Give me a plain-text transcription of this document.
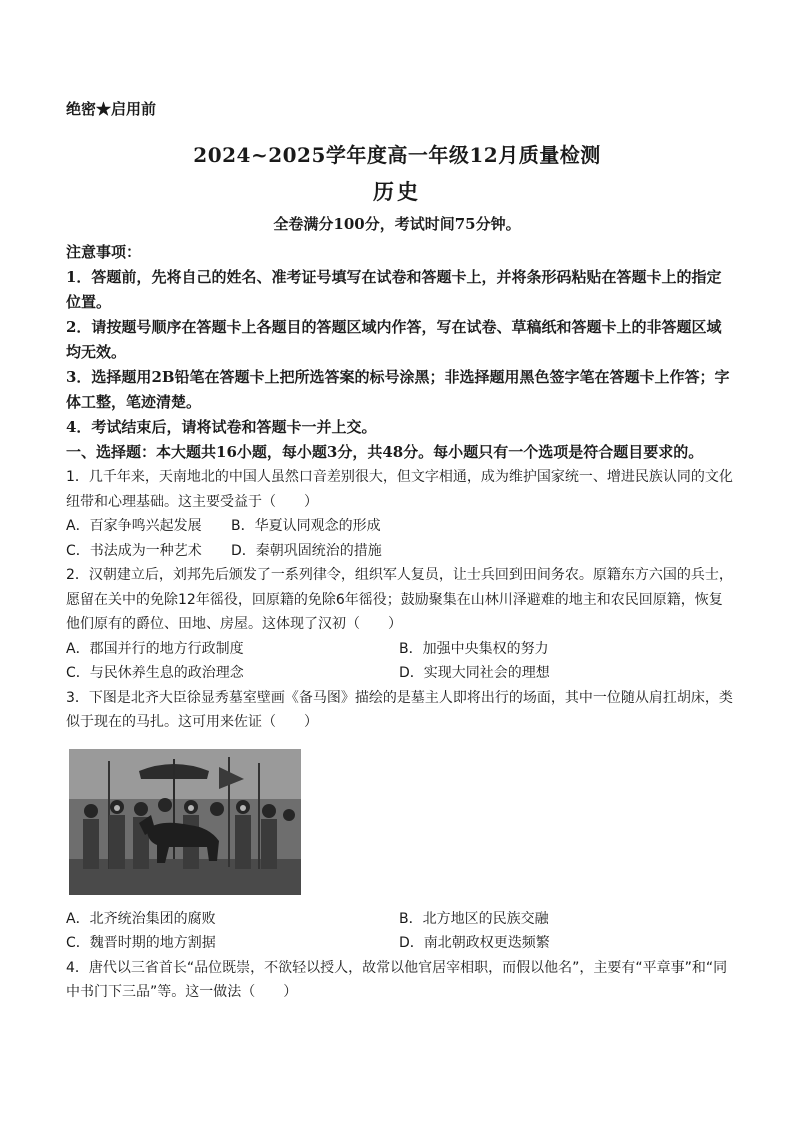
绝密★启用前
2024~2025学年度高一年级12月质量检测
历史
全卷满分100分，考试时间75分钟。

注意事项：

1．答题前，先将自己的姓名、准考证号填写在试卷和答题卡上，并将条形码粘贴在答题卡上的指定位置。

2．请按题号顺序在答题卡上各题目的答题区域内作答，写在试卷、草稿纸和答题卡上的非答题区域均无效。

3．选择题用2B铅笔在答题卡上把所选答案的标号涂黑；非选择题用黑色签字笔在答题卡上作答；字体工整，笔迹清楚。

4．考试结束后，请将试卷和答题卡一并上交。

一、选择题：本大题共16小题，每小题3分，共48分。每小题只有一个选项是符合题目要求的。

1．几千年来，天南地北的中国人虽然口音差别很大，但文字相通，成为维护国家统一、增进民族认同的文化纽带和心理基础。这主要受益于（　　）

A．百家争鸣兴起发展	B．华夏认同观念的形成
C．书法成为一种艺术	D．秦朝巩固统治的措施

2．汉朝建立后，刘邦先后颁发了一系列律令，组织军人复员，让士兵回到田间务农。原籍东方六国的兵士，愿留在关中的免除12年徭役，回原籍的免除6年徭役；鼓励聚集在山林川泽避难的地主和农民回原籍，恢复他们原有的爵位、田地、房屋。这体现了汉初（　　）

A．郡国并行的地方行政制度	B．加强中央集权的努力
C．与民休养生息的政治理念	D．实现大同社会的理想

3．下图是北齐大臣徐显秀墓室壁画《备马图》描绘的是墓主人即将出行的场面，其中一位随从肩扛胡床，类似于现在的马扎。这可用来佐证（　　）

A．北齐统治集团的腐败	B．北方地区的民族交融
C．魏晋时期的地方割据	D．南北朝政权更迭频繁

4．唐代以三省首长“品位既崇，不欲轻以授人，故常以他官居宰相职，而假以他名”，主要有“平章事”和“同中书门下三品”等。这一做法（　　）
